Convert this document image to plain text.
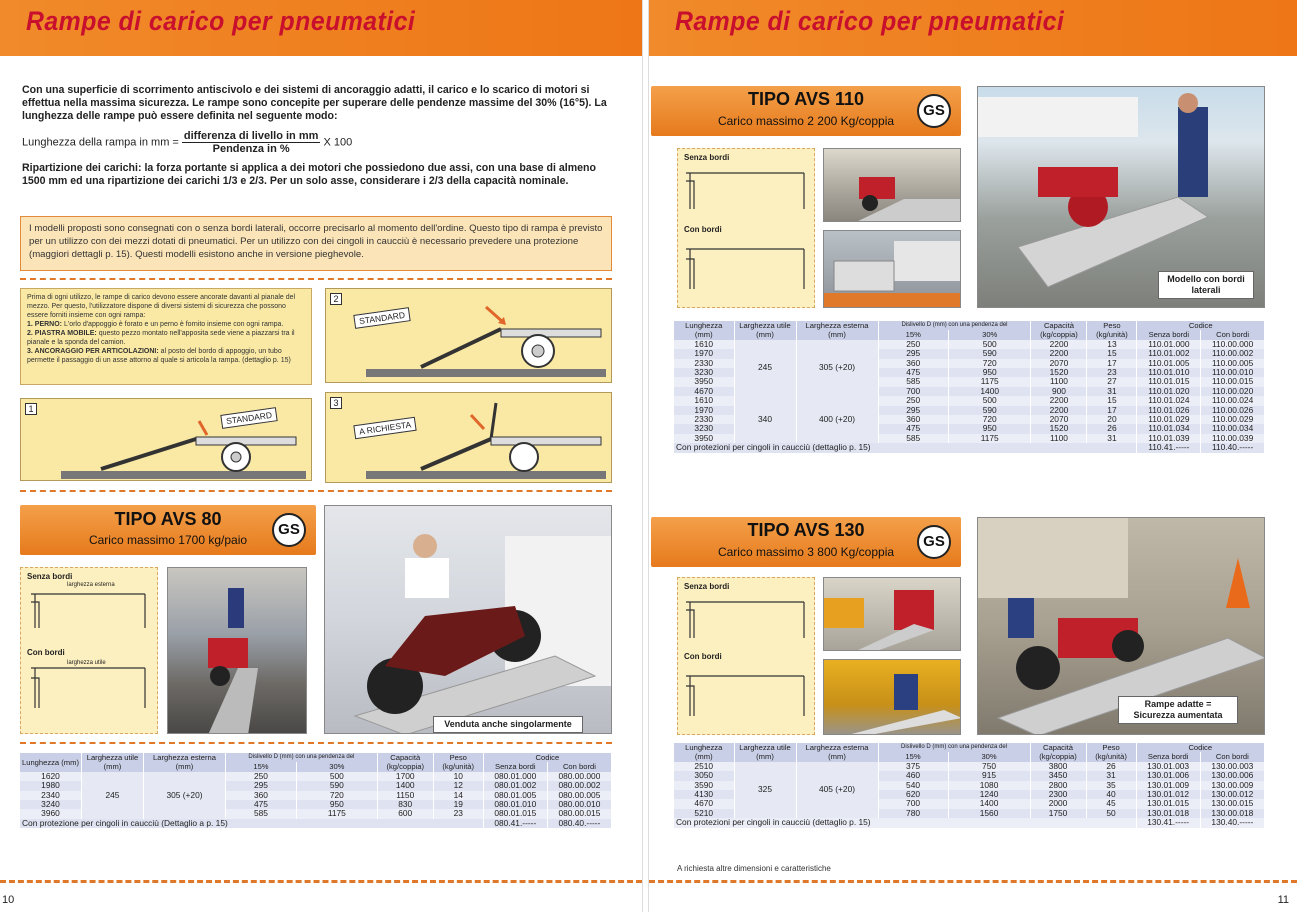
Rampe di carico per pneumatici
Con una superficie di scorrimento antiscivolo e dei sistemi di ancoraggio adatti, il carico e lo scarico di motori si effettua nella massima sicurezza. Le rampe sono concepite per superare delle pendenze massime del 30% (16°5). La lunghezza delle rampe può essere definita nel seguente modo:
Lunghezza della rampa in mm =
differenza di livello in mm
Pendenza in %
X 100
Ripartizione dei carichi: la forza portante si applica a dei motori che possiedono due assi, con una base di almeno 1500 mm ed una ripartizione dei carichi 1/3 e 2/3. Per un solo asse, considerare i 2/3 della capacità nominale.
I modelli proposti sono consegnati con o senza bordi laterali, occorre precisarlo al momento dell'ordine. Questo tipo di rampa è previsto per un utilizzo con dei mezzi dotati di pneumatici. Per un utilizzo con dei cingoli in caucciù è necessario prevedere una protezione (maggiori dettagli p. 15). Questi modelli esistono anche in versione pieghevole.
Prima di ogni utilizzo, le rampe di carico devono essere ancorate davanti al pianale del mezzo. Per questo, l'utilizzatore dispone di diversi sistemi di sicurezza che possono essere forniti insieme con ogni rampa:
1. PERNO: L'orlo d'appoggio è forato e un perno è fornito insieme con ogni rampa.
2. PIASTRA MOBILE: questo pezzo montato nell'apposita sede viene a piazzarsi tra il pianale e la sponda del camion.
3. ANCORAGGIO PER ARTICOLAZIONI: al posto del bordo di appoggio, un tubo permette il passaggio di un asse attorno al quale si articola la rampa. (dettaglio p. 15)
2
STANDARD
1
STANDARD
3
A RICHIESTA
TIPO AVS 80
Carico massimo 1700 kg/paio
GS
Senza bordi
larghezza esterna
Con bordi
larghezza utile
Venduta anche singolarmente
Lunghezza (mm)	Larghezza utile (mm)	Larghezza esterna (mm)	Dislivello D (mm) con una pendenza del		Capacità (kg/coppia)	Peso (kg/unità)	Codice	
			15%	30%			Senza bordi	Con bordi
1620	245	305 (+20)	250	500	1700	10	080.01.000	080.00.000
1980			295	590	1400	12	080.01.002	080.00.002
2340			360	720	1150	14	080.01.005	080.00.005
3240			475	950	830	19	080.01.010	080.00.010
3960			585	1175	600	23	080.01.015	080.00.015
Con protezione per cingoli in caucciù (Dettaglio a p. 15)							080.41.-----	080.40.-----
10
Rampe di carico per pneumatici
TIPO AVS 110
Carico massimo 2 200 Kg/coppia
GS
Senza bordi
Con bordi
Modello con bordi laterali
Lunghezza (mm)	Larghezza utile (mm)	Larghezza esterna (mm)	Dislivello D (mm) con una pendenza del		Capacità (kg/coppia)	Peso (kg/unità)	Codice	
			15%	30%			Senza bordi	Con bordi
1610	245	305 (+20)	250	500	2200	13	110.01.000	110.00.000
1970			295	590	2200	15	110.01.002	110.00.002
2330			360	720	2070	17	110.01.005	110.00.005
3230			475	950	1520	23	110.01.010	110.00.010
3950			585	1175	1100	27	110.01.015	110.00.015
4670			700	1400	900	31	110.01.020	110.00.020
1610	340	400 (+20)	250	500	2200	15	110.01.024	110.00.024
1970			295	590	2200	17	110.01.026	110.00.026
2330			360	720	2070	20	110.01.029	110.00.029
3230			475	950	1520	26	110.01.034	110.00.034
3950			585	1175	1100	31	110.01.039	110.00.039
Con protezioni per cingoli in caucciù (dettaglio p. 15)							110.41.-----	110.40.-----
TIPO AVS 130
Carico massimo 3 800 Kg/coppia
GS
Senza bordi
Con bordi
Rampe adatte = Sicurezza aumentata
Lunghezza (mm)	Larghezza utile (mm)	Larghezza esterna (mm)	Dislivello D (mm) con una pendenza del		Capacità (kg/coppia)	Peso (kg/unità)	Codice	
			15%	30%			Senza bordi	Con bordi
2510	325	405 (+20)	375	750	3800	26	130.01.003	130.00.003
3050			460	915	3450	31	130.01.006	130.00.006
3590			540	1080	2800	35	130.01.009	130.00.009
4130			620	1240	2300	40	130.01.012	130.00.012
4670			700	1400	2000	45	130.01.015	130.00.015
5210			780	1560	1750	50	130.01.018	130.00.018
Con protezioni per cingoli in caucciù (dettaglio p. 15)							130.41.-----	130.40.-----
A richiesta altre dimensioni e caratteristiche
11
